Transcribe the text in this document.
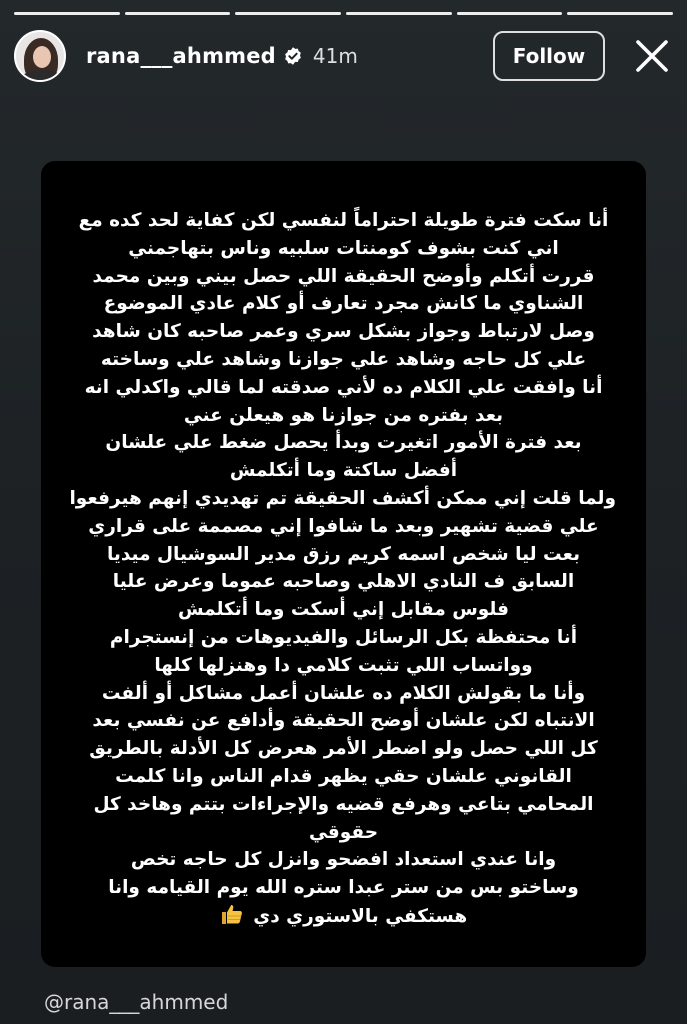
rana___ahmmed 41m	Follow
أنا سكت فترة طويلة احتراماً لنفسي لكن كفاية لحد كده مع
اني كنت بشوف كومنتات سلبيه وناس بتهاجمني
قررت أتكلم وأوضح الحقيقة اللي حصل بيني وبين محمد
الشناوي ما كانش مجرد تعارف أو كلام عادي الموضوع
وصل لارتباط وجواز بشكل سري وعمر صاحبه كان شاهد
علي كل حاجه وشاهد علي جوازنا وشاهد علي وساخته
أنا وافقت علي الكلام ده لأني صدقته لما قالي واكدلي انه
بعد بفتره من جوازنا هو هيعلن عني
بعد فترة الأمور اتغيرت وبدأ يحصل ضغط علي علشان
أفضل ساكتة وما أتكلمش
ولما قلت إني ممكن أكشف الحقيقة تم تهديدي إنهم هيرفعوا
علي قضية تشهير وبعد ما شافوا إني مصممة على قراري
بعت ليا شخص اسمه كريم رزق مدير السوشيال ميديا
السابق ف النادي الاهلي وصاحبه عموما وعرض عليا
فلوس مقابل إني أسكت وما أتكلمش
أنا محتفظة بكل الرسائل والفيديوهات من إنستجرام
وواتساب اللي تثبت كلامي دا وهنزلها كلها
وأنا ما بقولش الكلام ده علشان أعمل مشاكل أو ألفت
الانتباه لكن علشان أوضح الحقيقة وأدافع عن نفسي بعد
كل اللي حصل ولو اضطر الأمر هعرض كل الأدلة بالطريق
القانوني علشان حقي يظهر قدام الناس وانا كلمت
المحامي بتاعي وهرفع قضيه والإجراءات بتتم وهاخد كل
حقوقي
وانا عندي استعداد افضحو وانزل كل حاجه تخص
وساختو بس من ستر عبدا ستره الله يوم القيامه وانا
هستكفي بالاستوري دي
@rana___ahmmed
